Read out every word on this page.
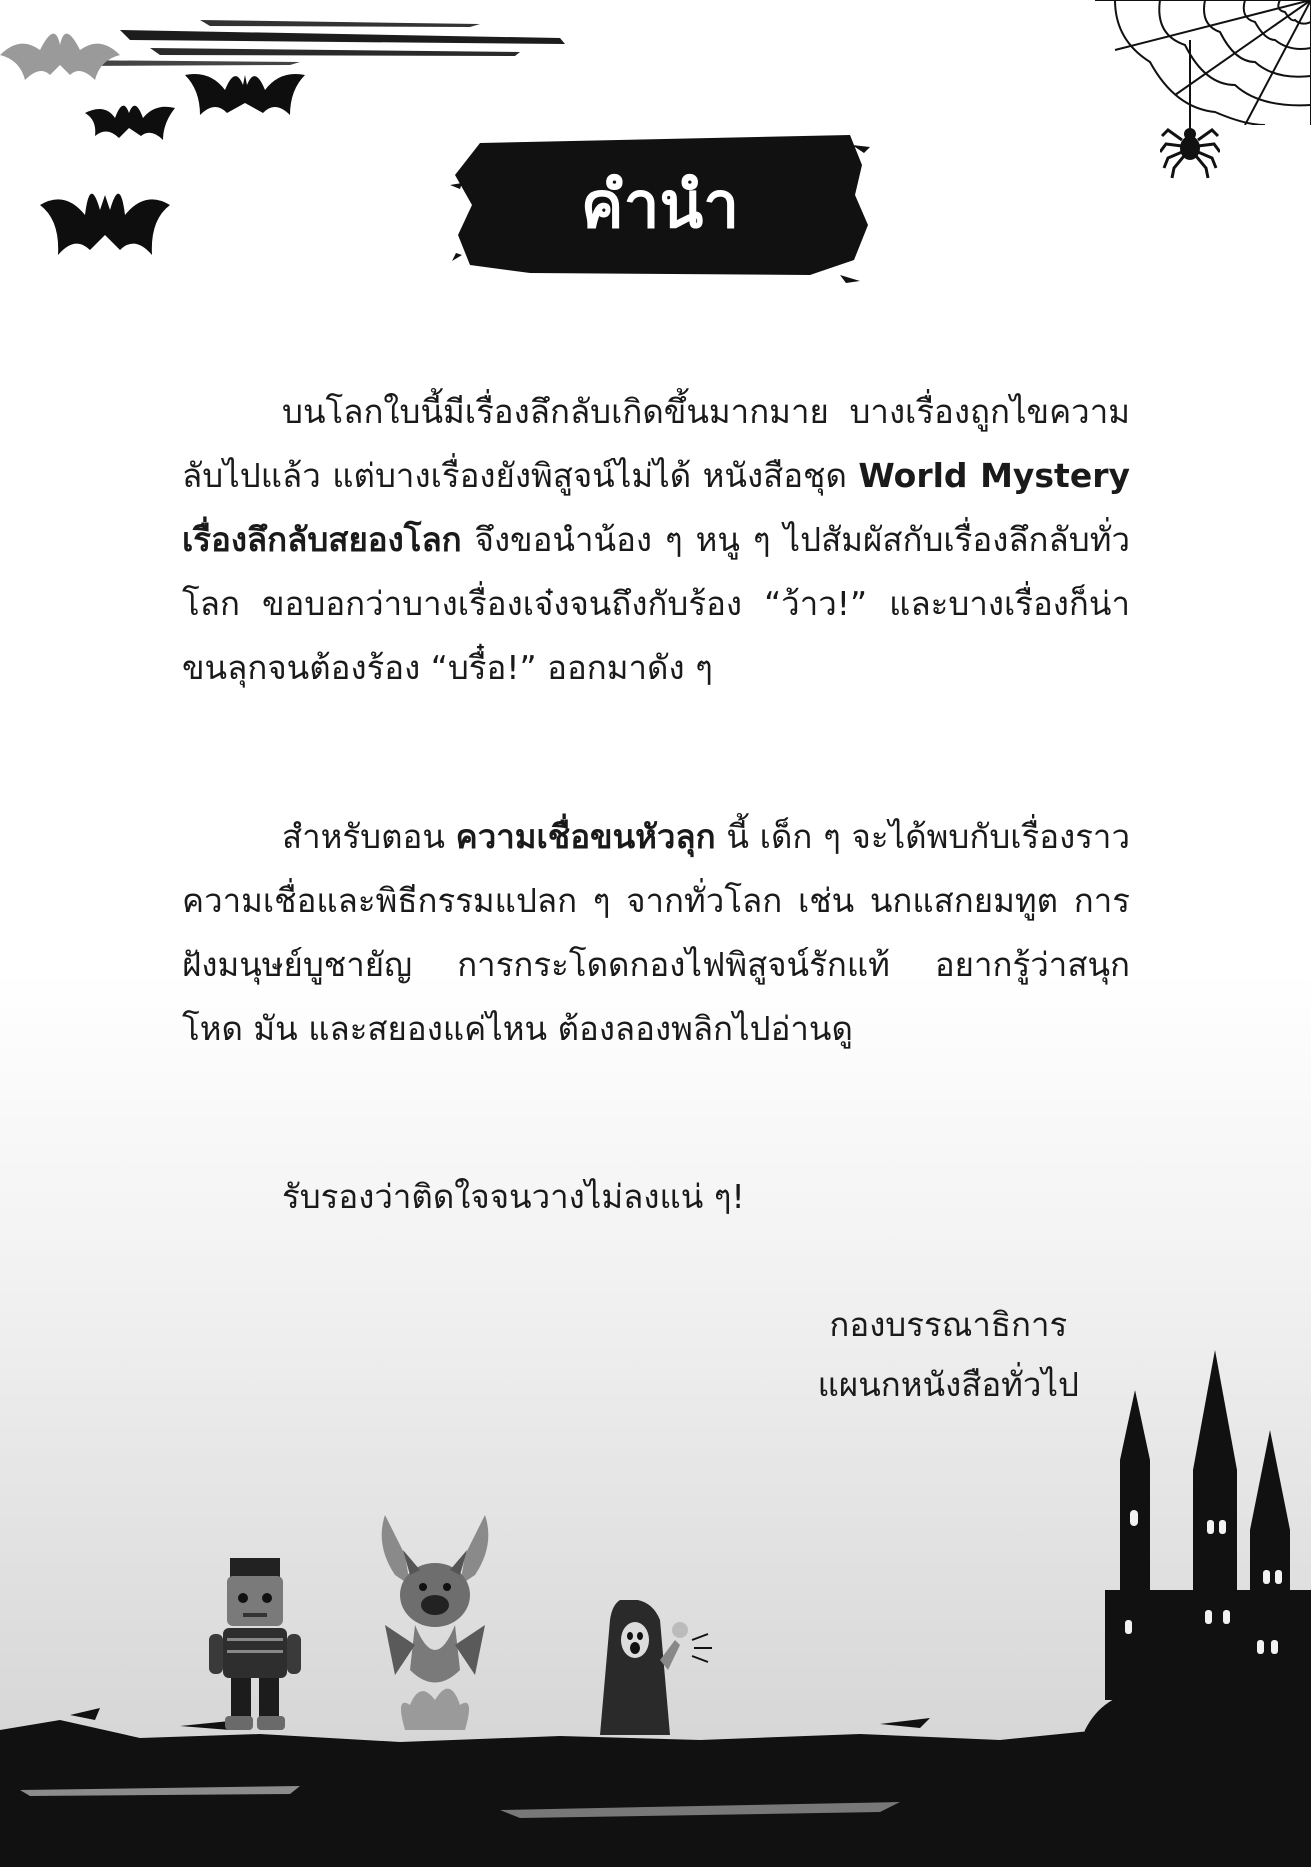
คำนำ

บนโลกใบนี้มีเรื่องลึกลับเกิดขึ้นมากมาย บางเรื่องถูกไขความลับไปแล้ว แต่บางเรื่องยังพิสูจน์ไม่ได้ หนังสือชุด World Mystery เรื่องลึกลับสยองโลก จึงขอนำน้อง ๆ หนู ๆ ไปสัมผัสกับเรื่องลึกลับทั่วโลก ขอบอกว่าบางเรื่องเจ๋งจนถึงกับร้อง “ว้าว!” และบางเรื่องก็น่าขนลุกจนต้องร้อง “บรื๋อ!” ออกมาดัง ๆ

สำหรับตอน ความเชื่อขนหัวลุก นี้ เด็ก ๆ จะได้พบกับเรื่องราวความเชื่อและพิธีกรรมแปลก ๆ จากทั่วโลก เช่น นกแสกยมทูต การฝังมนุษย์บูชายัญ การกระโดดกองไฟพิสูจน์รักแท้ อยากรู้ว่าสนุก โหด มัน และสยองแค่ไหน ต้องลองพลิกไปอ่านดู

รับรองว่าติดใจจนวางไม่ลงแน่ ๆ!

กองบรรณาธิการ
แผนกหนังสือทั่วไป
